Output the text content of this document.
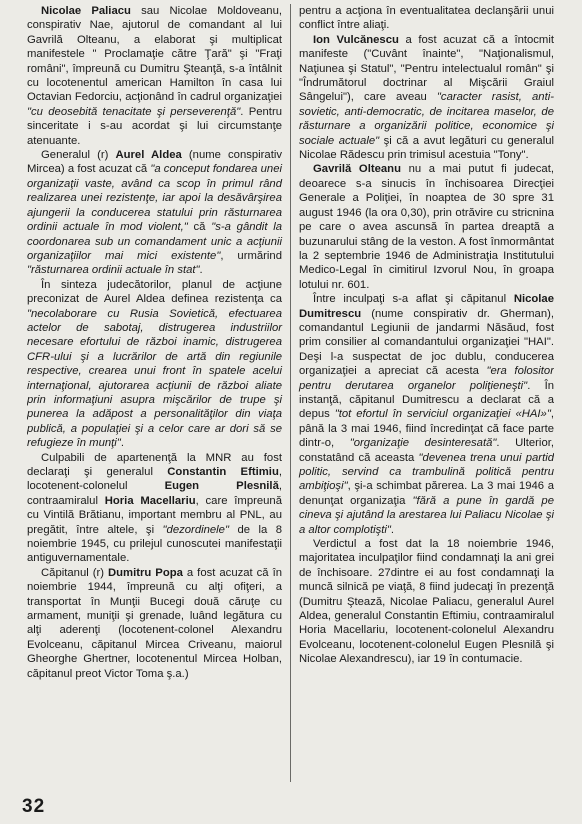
Nicolae Paliacu sau Nicolae Moldoveanu, conspirativ Nae, ajutorul de comandant al lui Gavrilă Olteanu, a elaborat şi multiplicat manifestele " Proclamaţie către Ţară" şi "Fraţi români", împreună cu Dumitru Şteanţă, s-a întâlnit cu locotenentul american Hamilton în casa lui Octavian Fedorciu, acţionând în cadrul organizaţiei "cu deosebită tenacitate şi perseverenţă". Pentru sinceritate i s-au acordat şi lui circumstanţe atenuante.

Generalul (r) Aurel Aldea (nume conspirativ Mircea) a fost acuzat că "a conceput fondarea unei organizaţii vaste, având ca scop în primul rând realizarea unei rezistenţe, iar apoi la desăvârşirea ajungerii la conducerea statului prin răsturnarea ordinii actuale în mod violent," că "s-a gândit la coordonarea sub un comandament unic a acţiunii organizaţiilor mai mici existente", urmărind "răsturnarea ordinii actuale în stat".

În sinteza judecătorilor, planul de acţiune preconizat de Aurel Aldea definea rezistenţa ca "necolaborare cu Rusia Sovietică, efectuarea actelor de sabotaj, distrugerea industriilor necesare efortului de război inamic, distrugerea CFR-ului şi a lucrărilor de artă din regiunile respective, crearea unui front în spatele acelui internaţional, ajutorarea acţiunii de război aliate prin informaţiuni asupra mişcărilor de trupe şi punerea la adăpost a personalităţilor din viaţa publică, a populaţiei şi a celor care ar dori să se refugieze în munţi".

Culpabili de apartenenţă la MNR au fost declaraţi şi generalul Constantin Eftimiu, locotenent-colonelul Eugen Plesnilă, contraamiralul Horia Macellariu, care împreună cu Vintilă Brătianu, important membru al PNL, au pregătit, între altele, şi "dezordinele" de la 8 noiembrie 1945, cu prilejul cunoscutei manifestaţii antiguvernamentale.

Căpitanul (r) Dumitru Popa a fost acuzat că în noiembrie 1944, împreună cu alţi ofiţeri, a transportat în Munţii Bucegi două căruţe cu armament, muniţii şi grenade, luând legătura cu alţi aderenţi (locotenent-colonel Alexandru Evolceanu, căpitanul Mircea Criveanu, maiorul Gheorghe Ghertner, locotenentul Mircea Holban, căpitanul preot Victor Toma ş.a.)

pentru a acţiona în eventualitatea declanşării unui conflict între aliaţi.

Ion Vulcănescu a fost acuzat că a întocmit manifeste ("Cuvânt înainte", "Naţionalismul, Naţiunea şi Statul", "Pentru intelectualul român" şi "Îndrumătorul doctrinar al Mişcării Graiul Sângelui"), care aveau "caracter rasist, anti-sovietic, anti-democratic, de incitarea maselor, de răsturnare a organizării politice, economice şi sociale actuale" şi că a avut legături cu generalul Nicolae Rădescu prin trimisul acestuia "Tony".

Gavrilă Olteanu nu a mai putut fi judecat, deoarece s-a sinucis în închisoarea Direcţiei Generale a Poliţiei, în noaptea de 30 spre 31 august 1946 (la ora 0,30), prin otrăvire cu stricnina pe care o avea ascunsă în partea dreaptă a buzunarului stâng de la veston. A fost înmormântat la 2 septembrie 1946 de Administraţia Institutului Medico-Legal în cimitirul Izvorul Nou, în groapa lotului nr. 601.

Între inculpaţi s-a aflat şi căpitanul Nicolae Dumitrescu (nume conspirativ dr. Gherman), comandantul Legiunii de jandarmi Năsăud, fost prim consilier al comandantului organizaţiei "HAI". Deşi l-a suspectat de joc dublu, conducerea organizaţiei a apreciat că acesta "era folositor pentru derutarea organelor poliţieneşti". În instanţă, căpitanul Dumitrescu a declarat că a depus "tot efortul în serviciul organizaţiei «HAI»", până la 3 mai 1946, fiind încredinţat că face parte dintr-o, "organizaţie desinteresată". Ulterior, constatând că aceasta "devenea trena unui partid politic, servind ca trambulină politică pentru ambiţioşi", şi-a schimbat părerea. La 3 mai 1946 a denunţat organizaţia "fără a pune în gardă pe cineva şi ajutând la arestarea lui Paliacu Nicolae şi a altor complotişti".

Verdictul a fost dat la 18 noiembrie 1946, majoritatea inculpaţilor fiind condamnaţi la ani grei de închisoare. 27dintre ei au fost condamnaţi la muncă silnică pe viaţă, 8 fiind judecaţi în prezenţă (Dumitru Ştează, Nicolae Paliacu, generalul Aurel Aldea, generalul Constantin Eftimiu, contraamiralul Horia Macellariu, locotenent-colonelul Alexandru Evolceanu, locotenent-colonelul Eugen Plesnilă şi Nicolae Alexandrescu), iar 19 în contumacie.

32
